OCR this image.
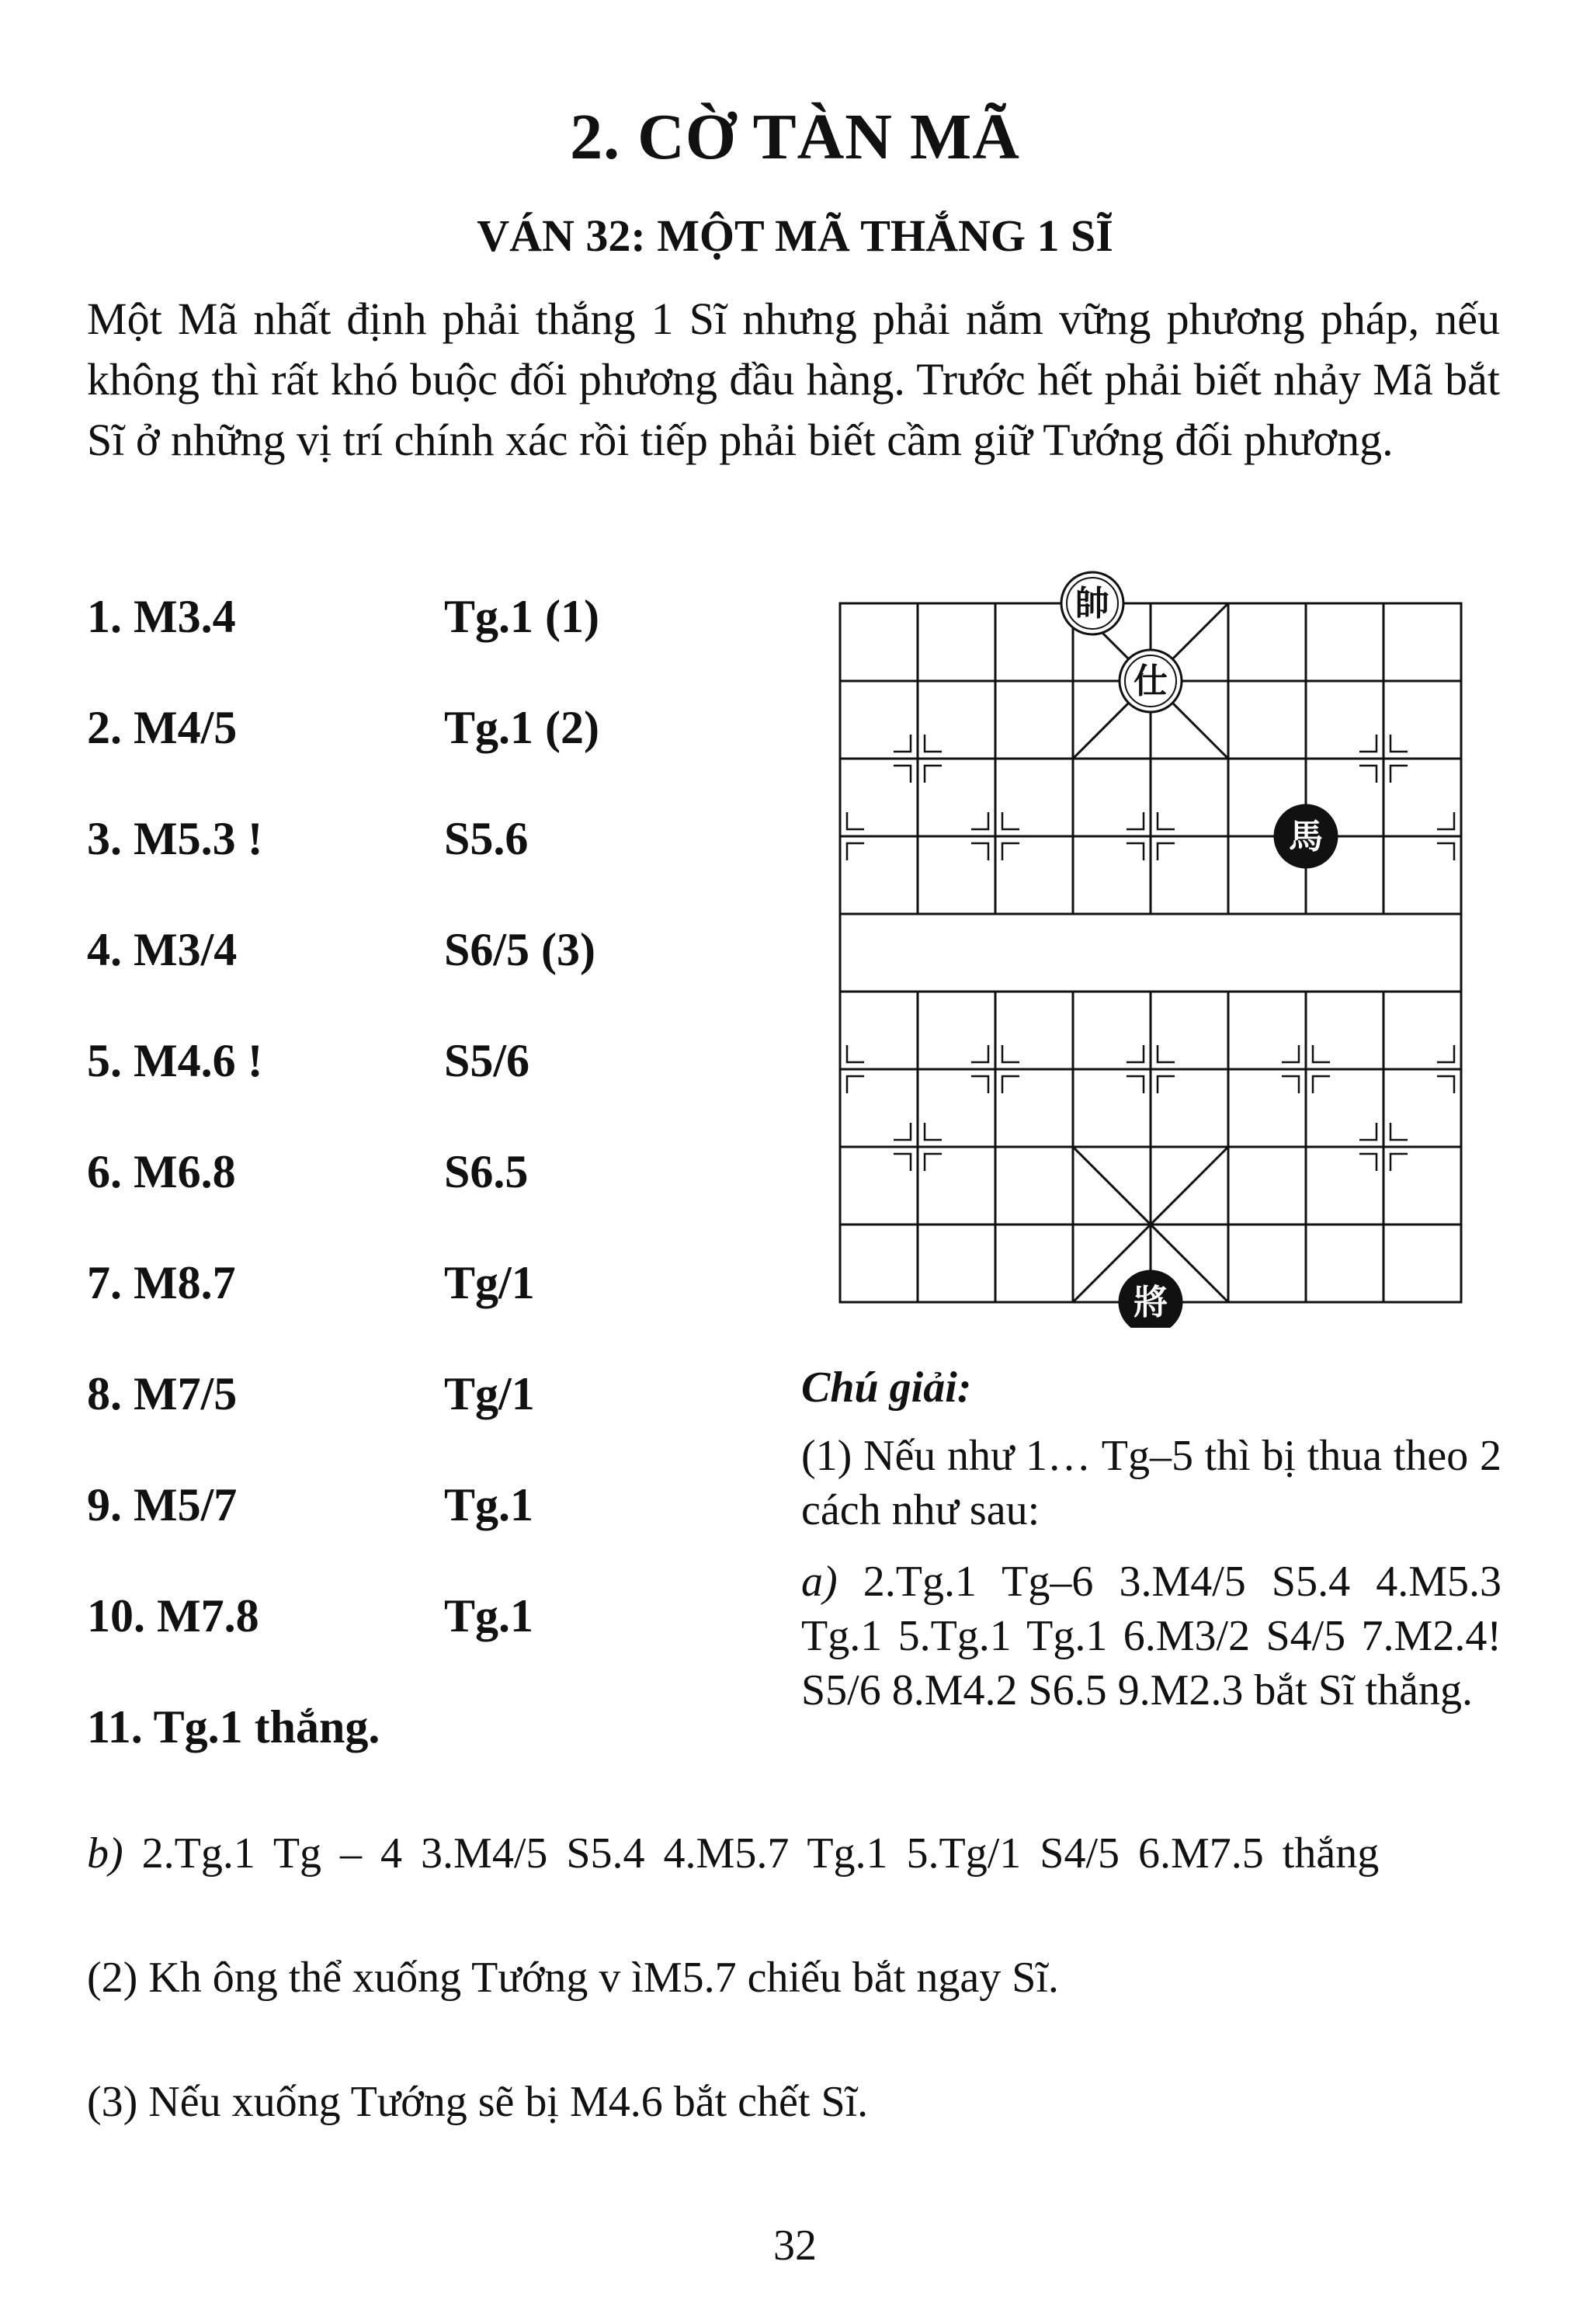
2. CỜ TÀN MÃ
VÁN 32: MỘT MÃ THẮNG 1 SĨ
Một Mã nhất định phải thắng 1 Sĩ nhưng phải nắm vững phương pháp, nếu không thì rất khó buộc đối phương đầu hàng. Trước hết phải biết nhảy Mã bắt Sĩ ở những vị trí chính xác rồi tiếp phải biết cầm giữ Tướng đối phương.
1. M3.4	Tg.1 (1)
2. M4/5	Tg.1 (2)
3. M5.3 !	S5.6
4. M3/4	S6/5 (3)
5. M4.6 !	S5/6
6. M6.8	S6.5
7. M8.7	Tg/1
8. M7/5	Tg/1
9. M5/7	Tg.1
10. M7.8	Tg.1
11. Tg.1 thắng.
帥
仕
馬
將
Chú giải:

(1) Nếu như 1… Tg–5 thì bị thua theo 2 cách như sau:

a) 2.Tg.1 Tg–6 3.M4/5 S5.4 4.M5.3 Tg.1 5.Tg.1 Tg.1 6.M3/2 S4/5 7.M2.4! S5/6 8.M4.2 S6.5 9.M2.3 bắt Sĩ thắng.

b) 2.Tg.1 Tg – 4 3.M4/5 S5.4 4.M5.7 Tg.1 5.Tg/1 S4/5 6.M7.5 thắng

(2) Kh ông thể xuống Tướng v ìM5.7 chiếu bắt ngay Sĩ.

(3) Nếu xuống Tướng sẽ bị M4.6 bắt chết Sĩ.

32
